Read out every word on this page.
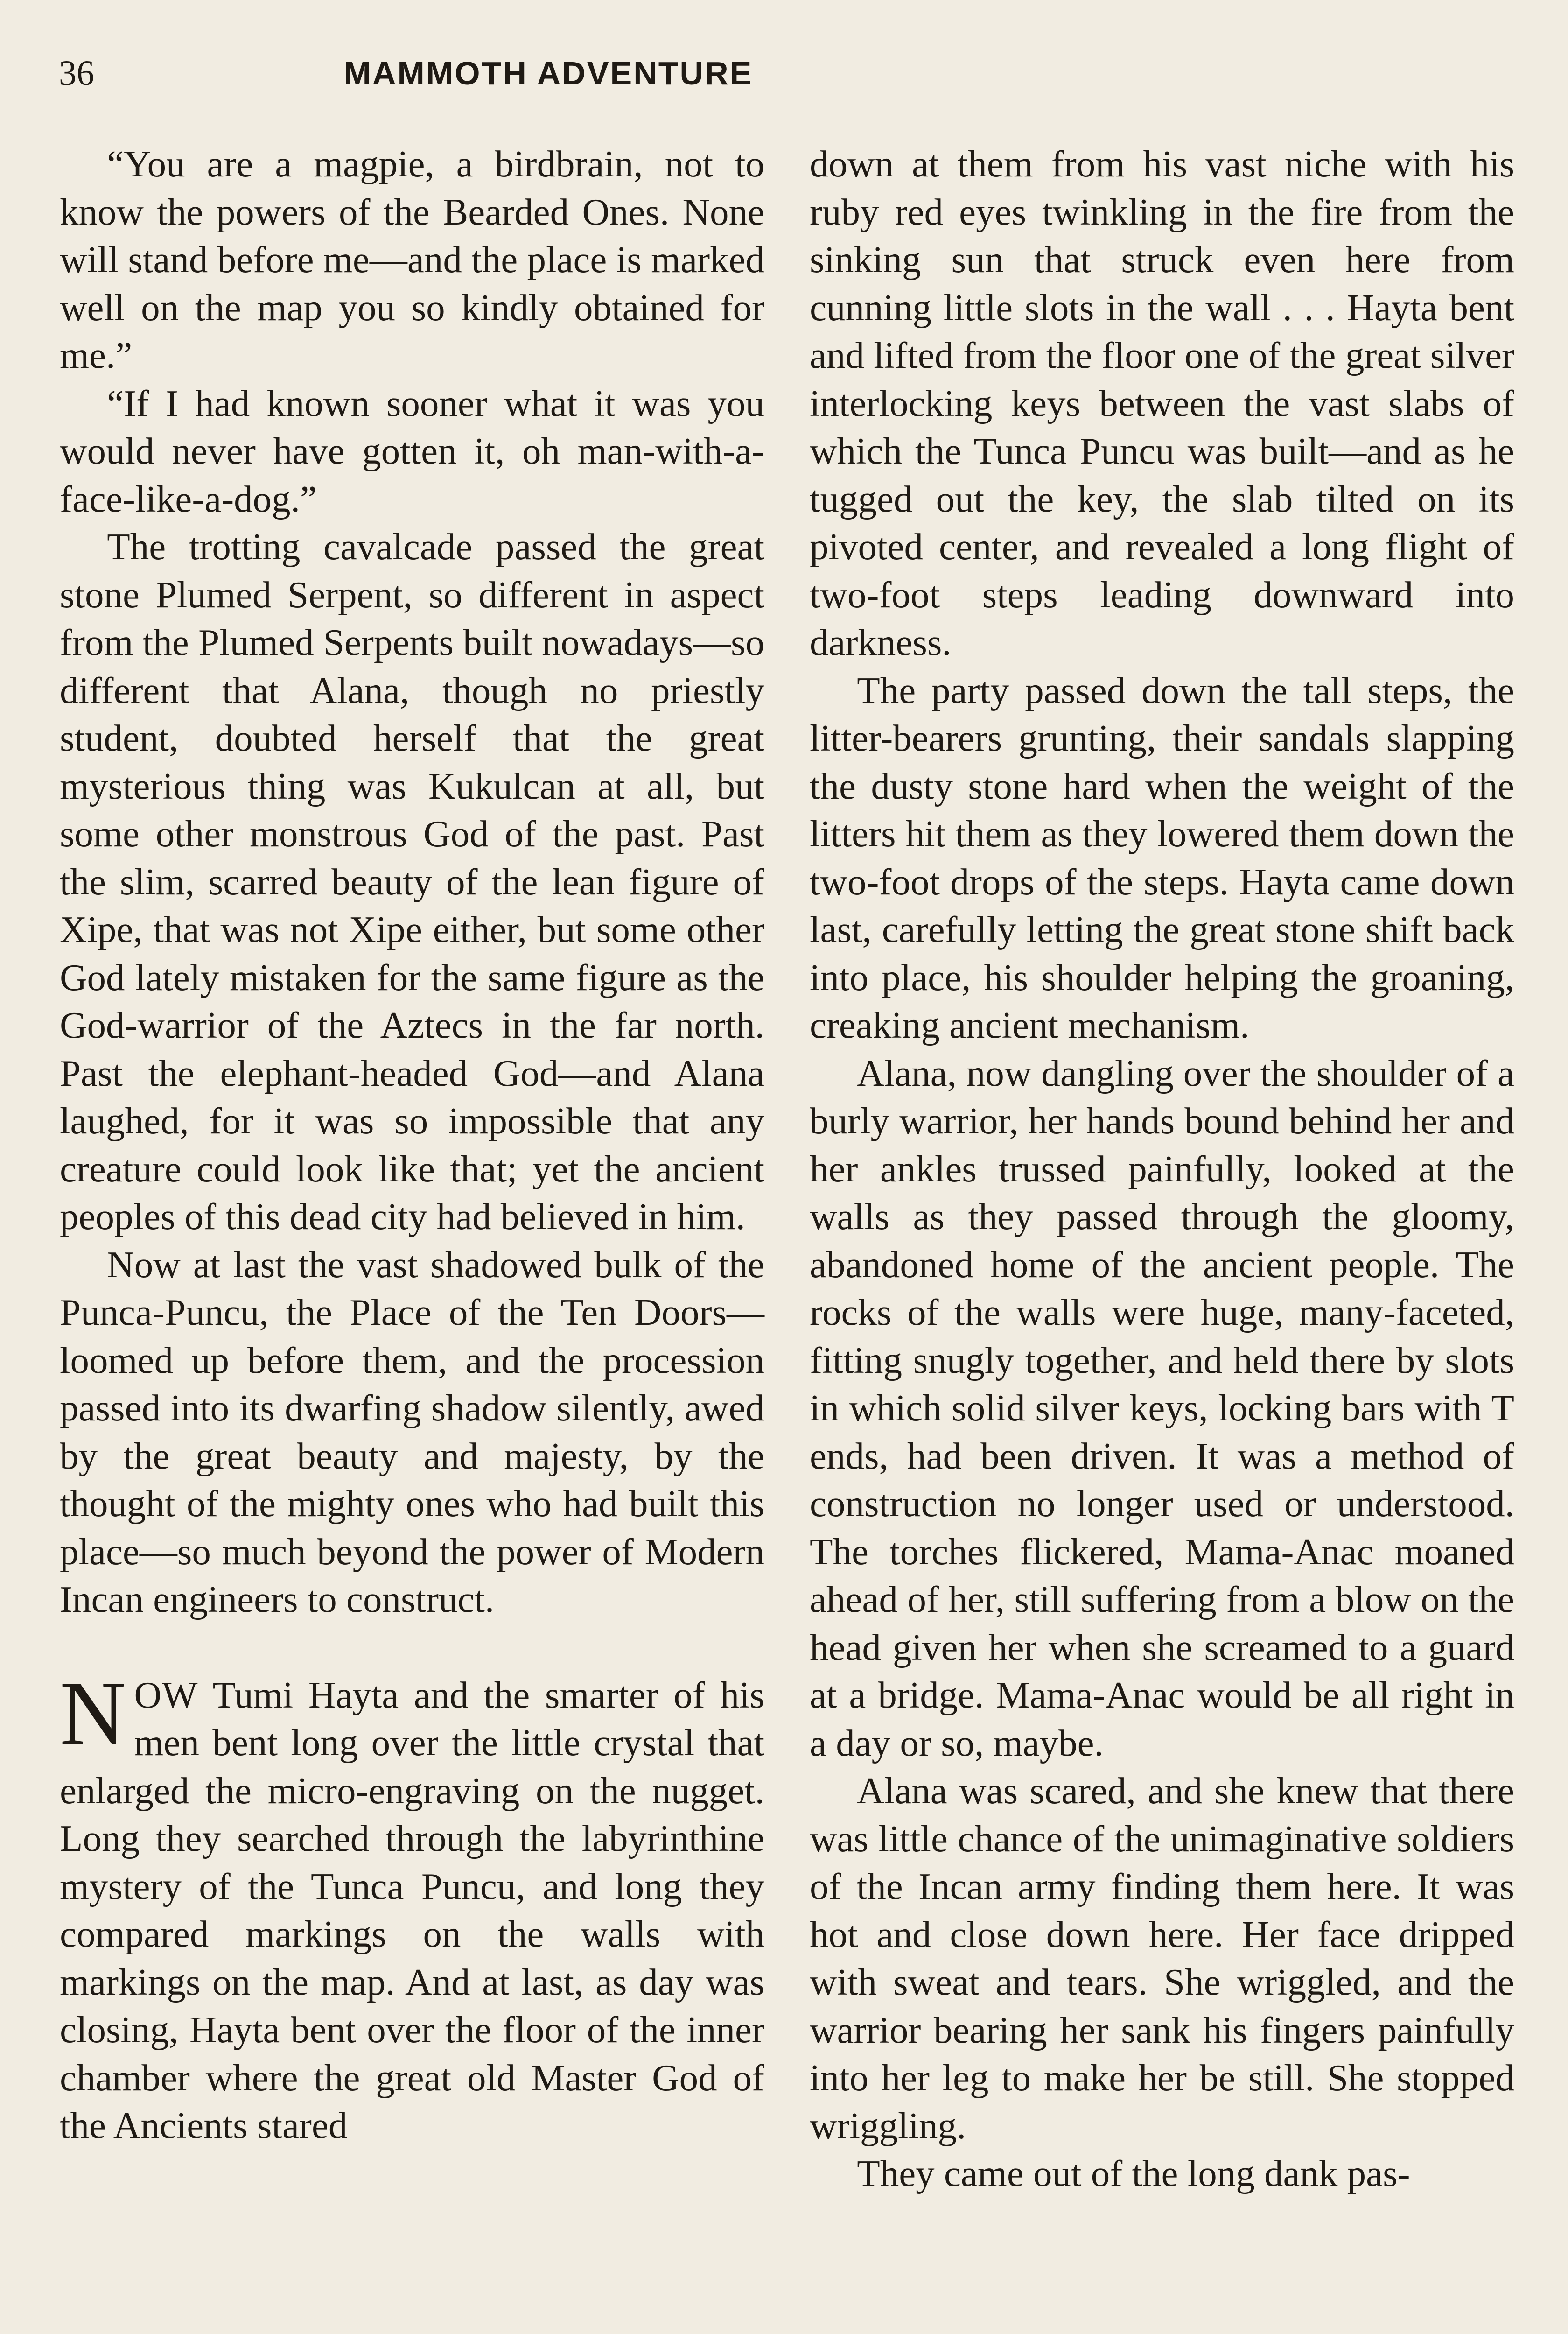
36	MAMMOTH ADVENTURE

“You are a magpie, a birdbrain, not to know the powers of the Bearded Ones. None will stand before me—and the place is marked well on the map you so kindly obtained for me.”

“If I had known sooner what it was you would never have gotten it, oh man-with-a-face-like-a-dog.”

The trotting cavalcade passed the great stone Plumed Serpent, so different in aspect from the Plumed Serpents built nowadays—so different that Alana, though no priestly student, doubted herself that the great mysterious thing was Kukulcan at all, but some other monstrous God of the past. Past the slim, scarred beauty of the lean figure of Xipe, that was not Xipe either, but some other God lately mistaken for the same figure as the God-warrior of the Aztecs in the far north. Past the elephant-headed God—and Alana laughed, for it was so impossible that any creature could look like that; yet the ancient peoples of this dead city had believed in him.

Now at last the vast shadowed bulk of the Punca-Puncu, the Place of the Ten Doors—loomed up before them, and the procession passed into its dwarfing shadow silently, awed by the great beauty and majesty, by the thought of the mighty ones who had built this place—so much beyond the power of Modern Incan engineers to construct.

NOW Tumi Hayta and the smarter of his men bent long over the little crystal that enlarged the micro-engraving on the nugget. Long they searched through the labyrinthine mystery of the Tunca Puncu, and long they compared markings on the walls with markings on the map. And at last, as day was closing, Hayta bent over the floor of the inner chamber where the great old Master God of the Ancients stared

down at them from his vast niche with his ruby red eyes twinkling in the fire from the sinking sun that struck even here from cunning little slots in the wall . . . Hayta bent and lifted from the floor one of the great silver interlocking keys between the vast slabs of which the Tunca Puncu was built—and as he tugged out the key, the slab tilted on its pivoted center, and revealed a long flight of two-foot steps leading downward into darkness.

The party passed down the tall steps, the litter-bearers grunting, their sandals slapping the dusty stone hard when the weight of the litters hit them as they lowered them down the two-foot drops of the steps. Hayta came down last, carefully letting the great stone shift back into place, his shoulder helping the groaning, creaking ancient mechanism.

Alana, now dangling over the shoulder of a burly warrior, her hands bound behind her and her ankles trussed painfully, looked at the walls as they passed through the gloomy, abandoned home of the ancient people. The rocks of the walls were huge, many-faceted, fitting snugly together, and held there by slots in which solid silver keys, locking bars with T ends, had been driven. It was a method of construction no longer used or understood. The torches flickered, Mama-Anac moaned ahead of her, still suffering from a blow on the head given her when she screamed to a guard at a bridge. Mama-Anac would be all right in a day or so, maybe.

Alana was scared, and she knew that there was little chance of the unimaginative soldiers of the Incan army finding them here. It was hot and close down here. Her face dripped with sweat and tears. She wriggled, and the warrior bearing her sank his fingers painfully into her leg to make her be still. She stopped wriggling.

They came out of the long dank pas-
